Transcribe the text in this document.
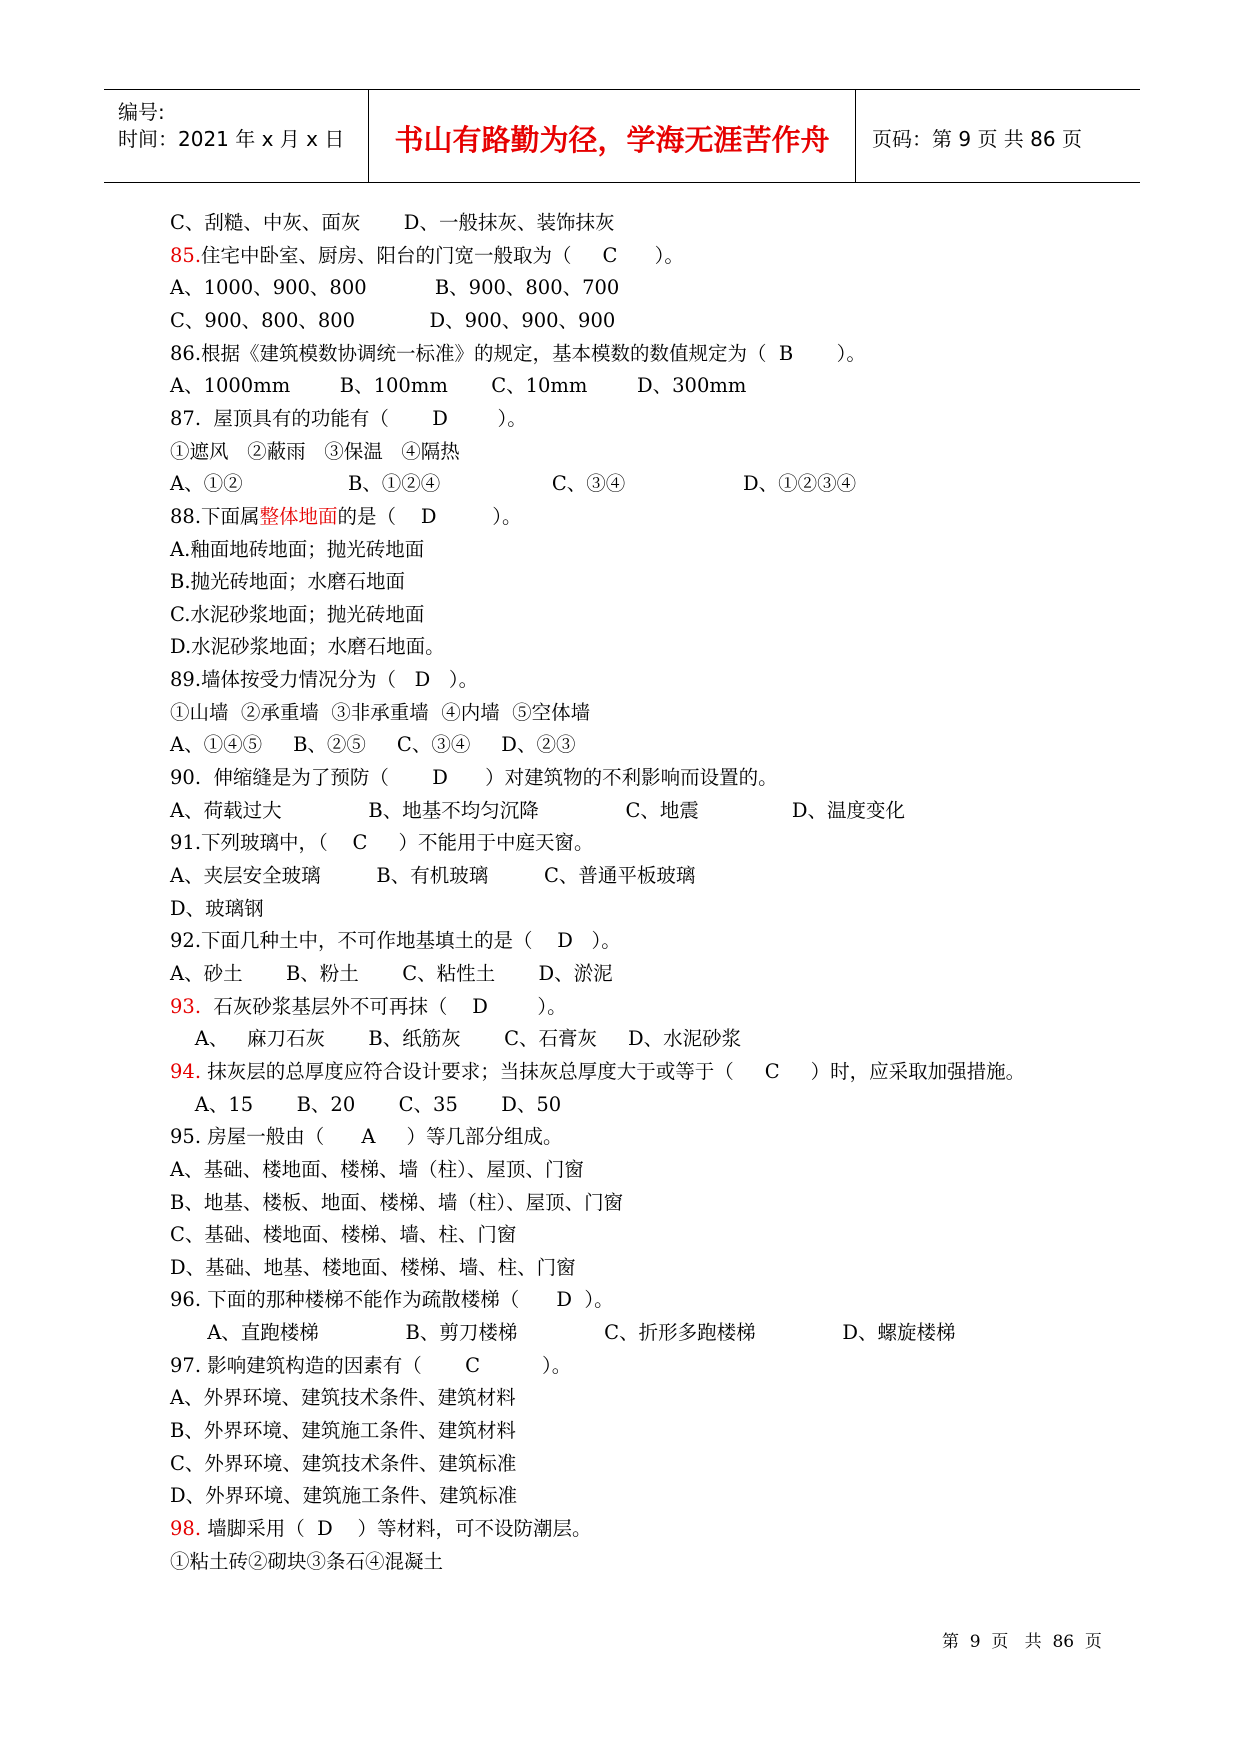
编号:
时间：2021 年 x 月 x 日	书山有路勤为径，学海无涯苦作舟	页码：第 9 页 共 86 页
C、刮糙、中灰、面灰       D、一般抹灰、装饰抹灰
85.住宅中卧室、厨房、阳台的门宽一般取为（     C      ）。
A、1000、900、800           B、900、800、700
C、900、800、800            D、900、900、900
86.根据《建筑模数协调统一标准》的规定，基本模数的数值规定为（  B       ）。
A、1000mm        B、100mm       C、10mm        D、300mm
87.  屋顶具有的功能有（       D        ）。
①遮风   ②蔽雨   ③保温   ④隔热
A、①②                 B、①②④                  C、③④                   D、①②③④
88.下面属整体地面的是（    D         ）。
A.釉面地砖地面；抛光砖地面
B.抛光砖地面；水磨石地面
C.水泥砂浆地面；抛光砖地面
D.水泥砂浆地面；水磨石地面。
89.墙体按受力情况分为（   D   ）。
①山墙  ②承重墙  ③非承重墙  ④内墙  ⑤空体墙
A、①④⑤     B、②⑤     C、③④     D、②③
90.  伸缩缝是为了预防（       D      ）对建筑物的不利影响而设置的。
A、荷载过大              B、地基不均匀沉降              C、地震               D、温度变化
91.下列玻璃中，（    C     ）不能用于中庭天窗。
A、夹层安全玻璃         B、有机玻璃         C、普通平板玻璃
D、玻璃钢
92.下面几种土中，不可作地基填土的是（    D   ）。
A、砂土       B、粉土       C、粘性土       D、淤泥
93.  石灰砂浆基层外不可再抹（    D        ）。
A、   麻刀石灰       B、纸筋灰       C、石膏灰     D、水泥砂浆
94. 抹灰层的总厚度应符合设计要求；当抹灰总厚度大于或等于（     C     ）时，应采取加强措施。
A、15       B、20       C、35       D、50
95. 房屋一般由（      A     ）等几部分组成。
A、基础、楼地面、楼梯、墙（柱）、屋顶、门窗
B、地基、楼板、地面、楼梯、墙（柱）、屋顶、门窗
C、基础、楼地面、楼梯、墙、柱、门窗
D、基础、地基、楼地面、楼梯、墙、柱、门窗
96. 下面的那种楼梯不能作为疏散楼梯（      D  ）。
A、直跑楼梯              B、剪刀楼梯              C、折形多跑楼梯              D、螺旋楼梯
97. 影响建筑构造的因素有（       C          ）。
A、外界环境、建筑技术条件、建筑材料
B、外界环境、建筑施工条件、建筑材料
C、外界环境、建筑技术条件、建筑标准
D、外界环境、建筑施工条件、建筑标准
98. 墙脚采用（  D    ）等材料，可不设防潮层。
①粘土砖②砌块③条石④混凝土
第  9  页   共  86  页
